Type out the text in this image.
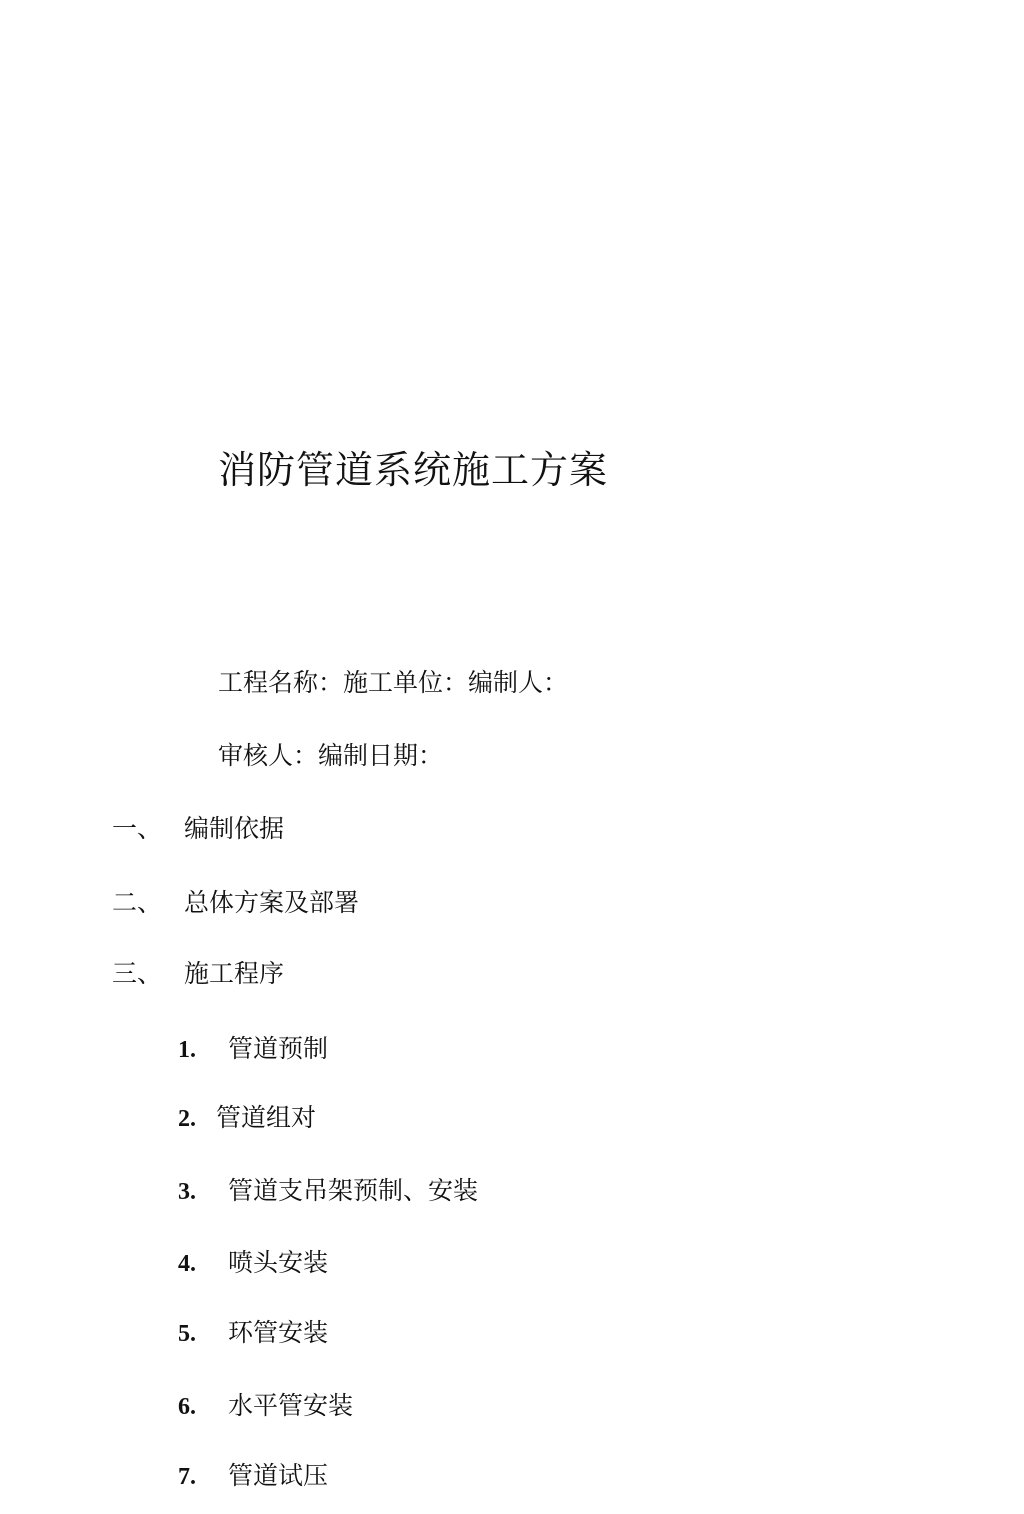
消防管道系统施工方案
工程名称：施工单位：编制人：
审核人：编制日期：
一、 编制依据
二、 总体方案及部署
三、 施工程序
1. 管道预制
2. 管道组对
3. 管道支吊架预制、安装
4. 喷头安装
5. 环管安装
6. 水平管安装
7. 管道试压
